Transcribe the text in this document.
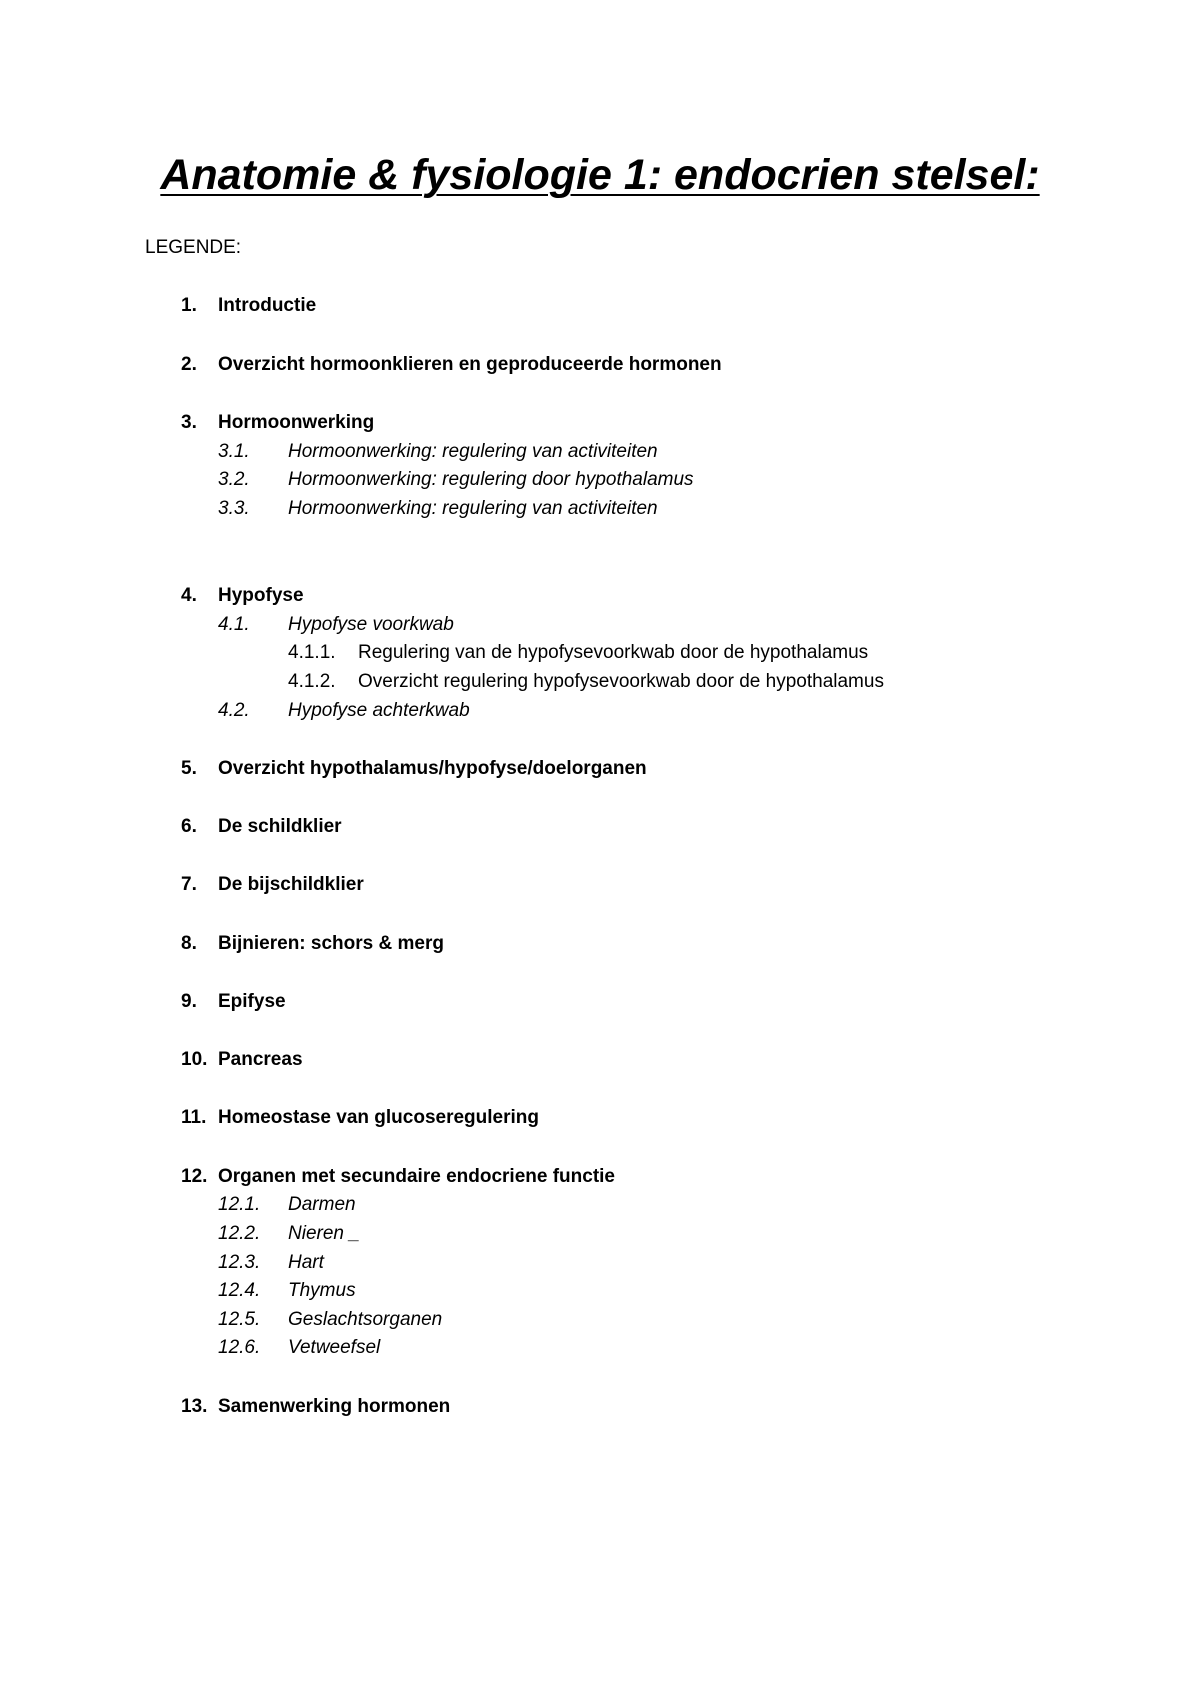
Anatomie & fysiologie 1: endocrien stelsel:
LEGENDE:
1. Introductie
2. Overzicht hormoonklieren en geproduceerde hormonen
3. Hormoonwerking
3.1. Hormoonwerking: regulering van activiteiten
3.2. Hormoonwerking: regulering door hypothalamus
3.3. Hormoonwerking: regulering van activiteiten
4. Hypofyse
4.1. Hypofyse voorkwab
4.1.1. Regulering van de hypofysevoorkwab door de hypothalamus
4.1.2. Overzicht regulering hypofysevoorkwab door de hypothalamus
4.2. Hypofyse achterkwab
5. Overzicht hypothalamus/hypofyse/doelorganen
6. De schildklier
7. De bijschildklier
8. Bijnieren: schors & merg
9. Epifyse
10. Pancreas
11. Homeostase van glucoseregulering
12. Organen met secundaire endocriene functie
12.1. Darmen
12.2. Nieren _
12.3. Hart
12.4. Thymus
12.5. Geslachtsorganen
12.6. Vetweefsel
13. Samenwerking hormonen
